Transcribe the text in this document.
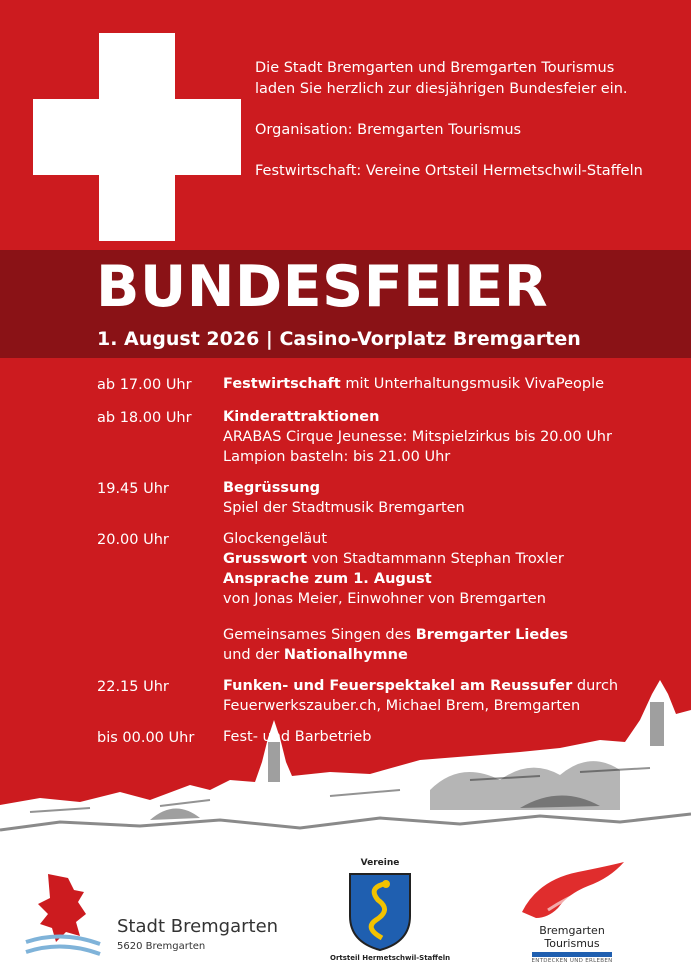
Die Stadt Bremgarten und Bremgarten Tourismus

laden Sie herzlich zur diesjährigen Bundesfeier ein.

Organisation: Bremgarten Tourismus

Festwirtschaft: Vereine Ortsteil Hermetschwil-Staffeln

BUNDESFEIER
1. August 2026 | Casino-Vorplatz Bremgarten
ab 17.00 Uhr	Festwirtschaft mit Unterhaltungsmusik VivaPeople
ab 18.00 Uhr	Kinderattraktionen
ARABAS Cirque Jeunesse: Mitspielzirkus bis 20.00 Uhr
Lampion basteln: bis 21.00 Uhr
19.45 Uhr	Begrüssung
Spiel der Stadtmusik Bremgarten
20.00 Uhr	Glockengeläut
Grusswort von Stadtammann Stephan Troxler
Ansprache zum 1. August
von Jonas Meier, Einwohner von Bremgarten
Gemeinsames Singen des Bremgarter Liedes
und der Nationalhymne
22.15 Uhr	Funken- und Feuerspektakel am Reussufer durch
Feuerwerkszauber.ch, Michael Brem, Bremgarten
bis 00.00 Uhr	Fest- und Barbetrieb
Stadt Bremgarten
5620 Bremgarten
Vereine
Ortsteil Hermetschwil-Staffeln
Bremgarten
Tourismus
ENTDECKEN UND ERLEBEN
